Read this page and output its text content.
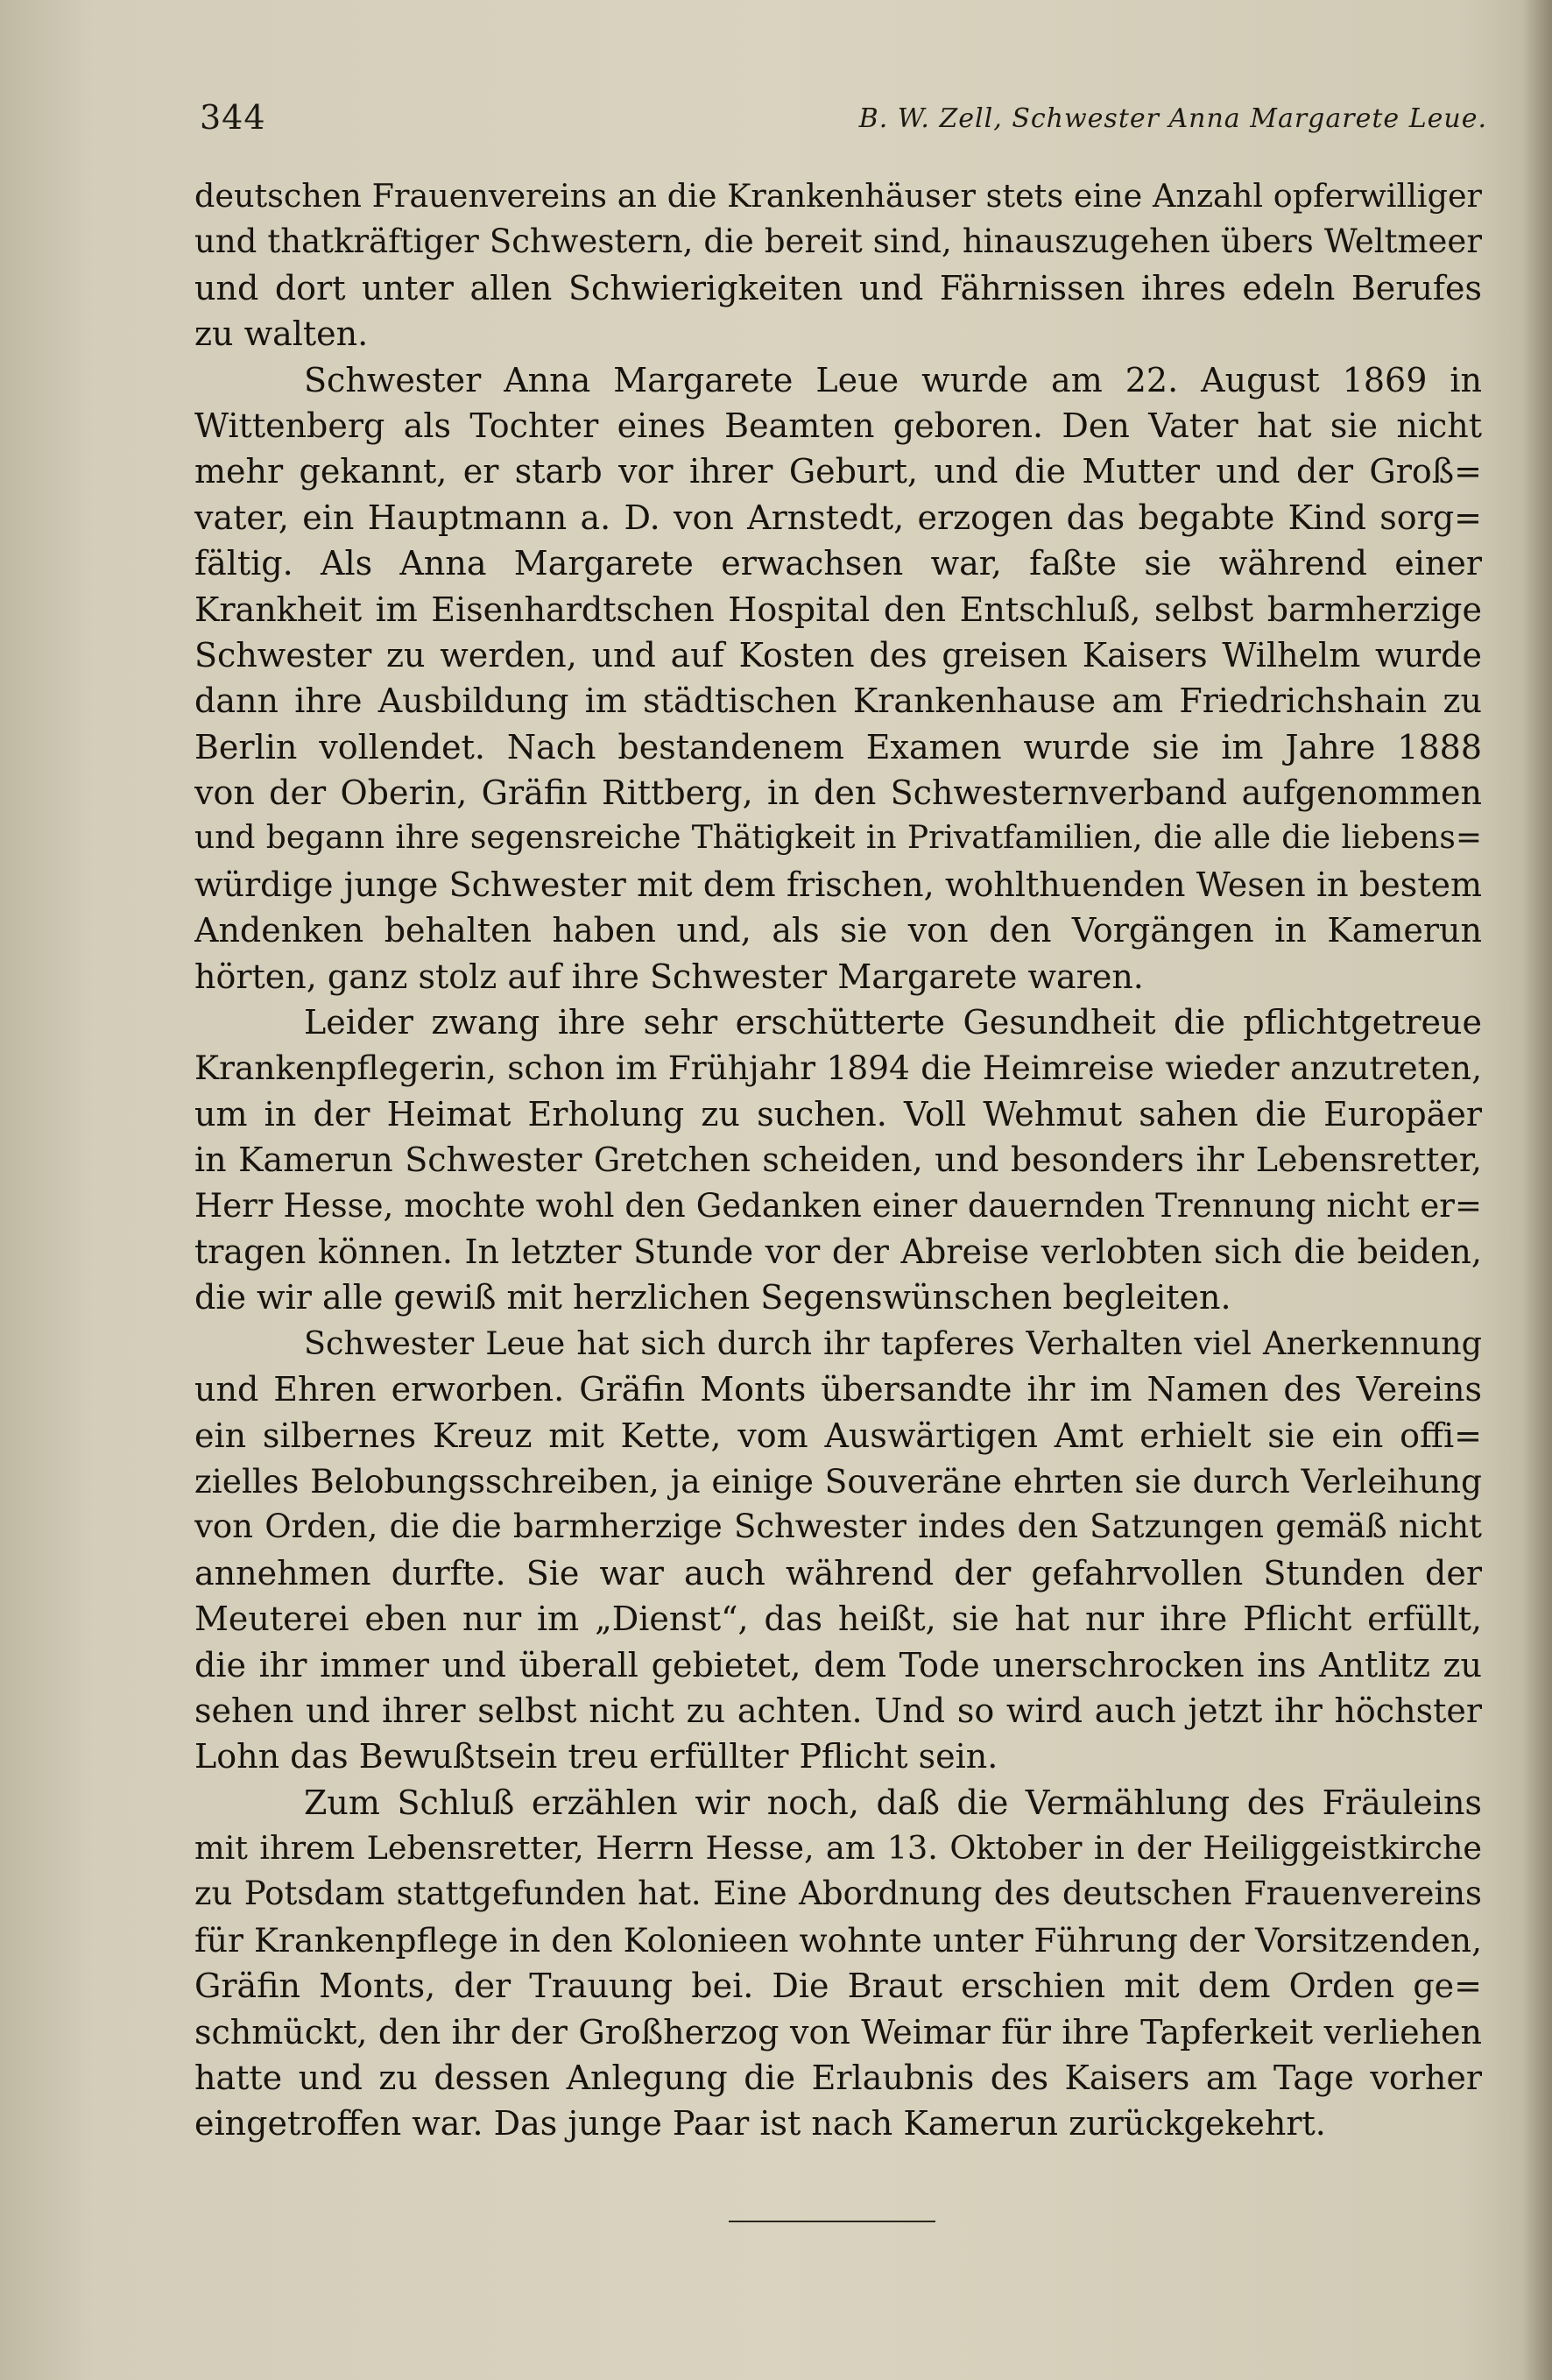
344	B. W. Zell, Schwester Anna Margarete Leue.
deutschen Frauenvereins an die Krankenhäuser stets eine Anzahl opferwilliger
und thatkräftiger Schwestern, die bereit sind, hinauszugehen übers Weltmeer
und dort unter allen Schwierigkeiten und Fährnissen ihres edeln Berufes
zu walten.
Schwester Anna Margarete Leue wurde am 22. August 1869 in
Wittenberg als Tochter eines Beamten geboren. Den Vater hat sie nicht
mehr gekannt, er starb vor ihrer Geburt, und die Mutter und der Groß=
vater, ein Hauptmann a. D. von Arnstedt, erzogen das begabte Kind sorg=
fältig. Als Anna Margarete erwachsen war, faßte sie während einer
Krankheit im Eisenhardtschen Hospital den Entschluß, selbst barmherzige
Schwester zu werden, und auf Kosten des greisen Kaisers Wilhelm wurde
dann ihre Ausbildung im städtischen Krankenhause am Friedrichshain zu
Berlin vollendet. Nach bestandenem Examen wurde sie im Jahre 1888
von der Oberin, Gräfin Rittberg, in den Schwesternverband aufgenommen
und begann ihre segensreiche Thätigkeit in Privatfamilien, die alle die liebens=
würdige junge Schwester mit dem frischen, wohlthuenden Wesen in bestem
Andenken behalten haben und, als sie von den Vorgängen in Kamerun
hörten, ganz stolz auf ihre Schwester Margarete waren.
Leider zwang ihre sehr erschütterte Gesundheit die pflichtgetreue
Krankenpflegerin, schon im Frühjahr 1894 die Heimreise wieder anzutreten,
um in der Heimat Erholung zu suchen. Voll Wehmut sahen die Europäer
in Kamerun Schwester Gretchen scheiden, und besonders ihr Lebensretter,
Herr Hesse, mochte wohl den Gedanken einer dauernden Trennung nicht er=
tragen können. In letzter Stunde vor der Abreise verlobten sich die beiden,
die wir alle gewiß mit herzlichen Segenswünschen begleiten.
Schwester Leue hat sich durch ihr tapferes Verhalten viel Anerkennung
und Ehren erworben. Gräfin Monts übersandte ihr im Namen des Vereins
ein silbernes Kreuz mit Kette, vom Auswärtigen Amt erhielt sie ein offi=
zielles Belobungsschreiben, ja einige Souveräne ehrten sie durch Verleihung
von Orden, die die barmherzige Schwester indes den Satzungen gemäß nicht
annehmen durfte. Sie war auch während der gefahrvollen Stunden der
Meuterei eben nur im „Dienst“, das heißt, sie hat nur ihre Pflicht erfüllt,
die ihr immer und überall gebietet, dem Tode unerschrocken ins Antlitz zu
sehen und ihrer selbst nicht zu achten. Und so wird auch jetzt ihr höchster
Lohn das Bewußtsein treu erfüllter Pflicht sein.
Zum Schluß erzählen wir noch, daß die Vermählung des Fräuleins
mit ihrem Lebensretter, Herrn Hesse, am 13. Oktober in der Heiliggeistkirche
zu Potsdam stattgefunden hat. Eine Abordnung des deutschen Frauenvereins
für Krankenpflege in den Kolonieen wohnte unter Führung der Vorsitzenden,
Gräfin Monts, der Trauung bei. Die Braut erschien mit dem Orden ge=
schmückt, den ihr der Großherzog von Weimar für ihre Tapferkeit verliehen
hatte und zu dessen Anlegung die Erlaubnis des Kaisers am Tage vorher
eingetroffen war. Das junge Paar ist nach Kamerun zurückgekehrt.
